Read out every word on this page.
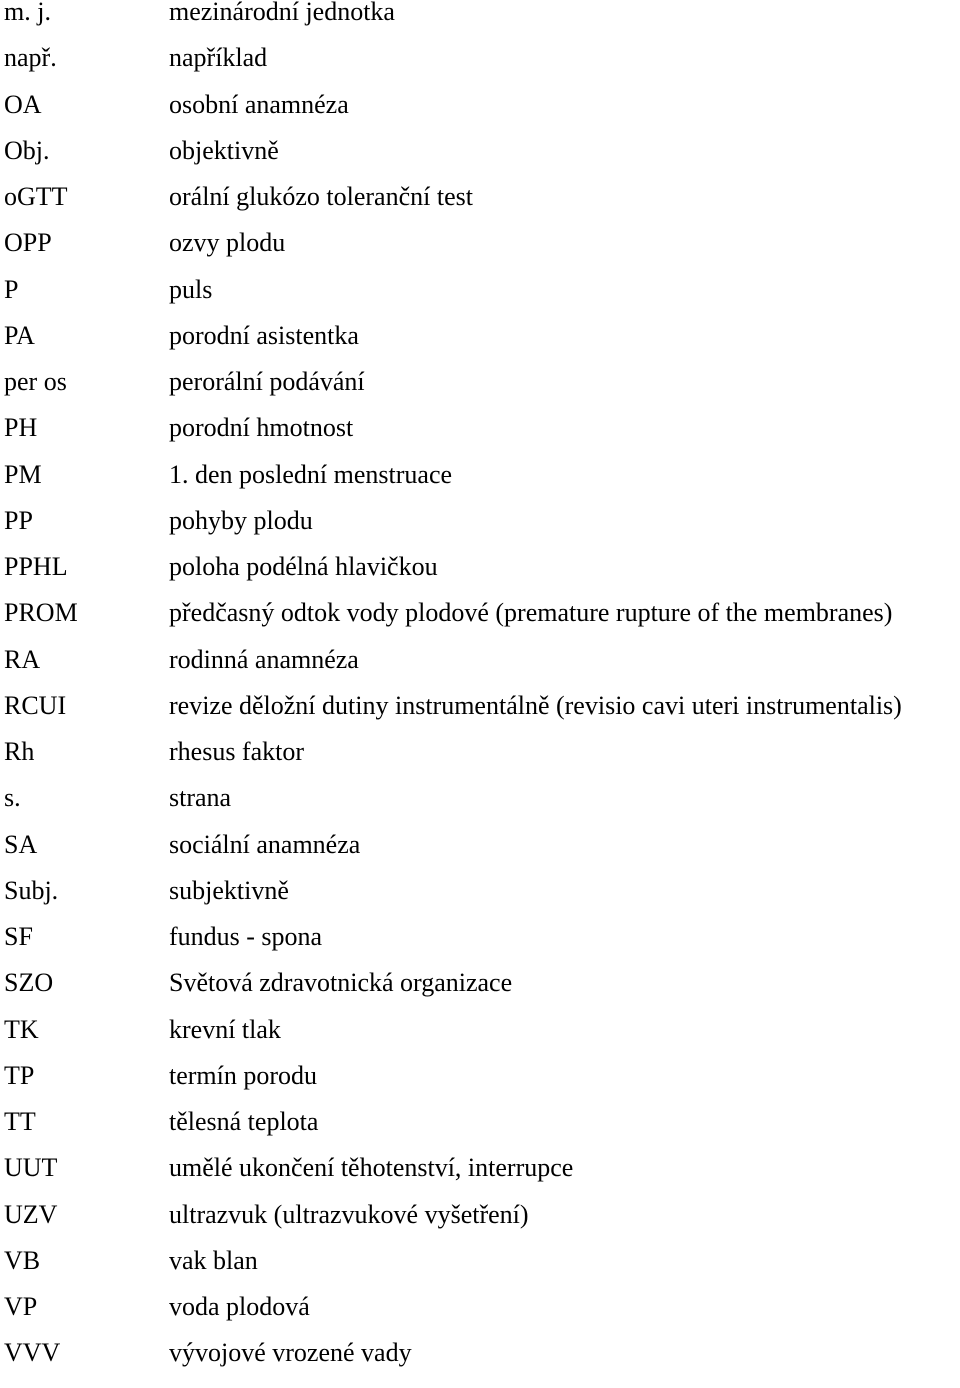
m. j.	mezinárodní jednotka
např.	například
OA	osobní anamnéza
Obj.	objektivně
oGTT	orální glukózo toleranční test
OPP	ozvy plodu
P	puls
PA	porodní asistentka
per os	perorální podávání
PH	porodní hmotnost
PM	1. den poslední menstruace
PP	pohyby plodu
PPHL	poloha podélná hlavičkou
PROM	předčasný odtok vody plodové (premature rupture of the membranes)
RA	rodinná anamnéza
RCUI	revize děložní dutiny instrumentálně (revisio cavi uteri instrumentalis)
Rh	rhesus faktor
s.	strana
SA	sociální anamnéza
Subj.	subjektivně
SF	fundus - spona
SZO	Světová zdravotnická organizace
TK	krevní tlak
TP	termín porodu
TT	tělesná teplota
UUT	umělé ukončení těhotenství, interrupce
UZV	ultrazvuk (ultrazvukové vyšetření)
VB	vak blan
VP	voda plodová
VVV	vývojové vrozené vady
